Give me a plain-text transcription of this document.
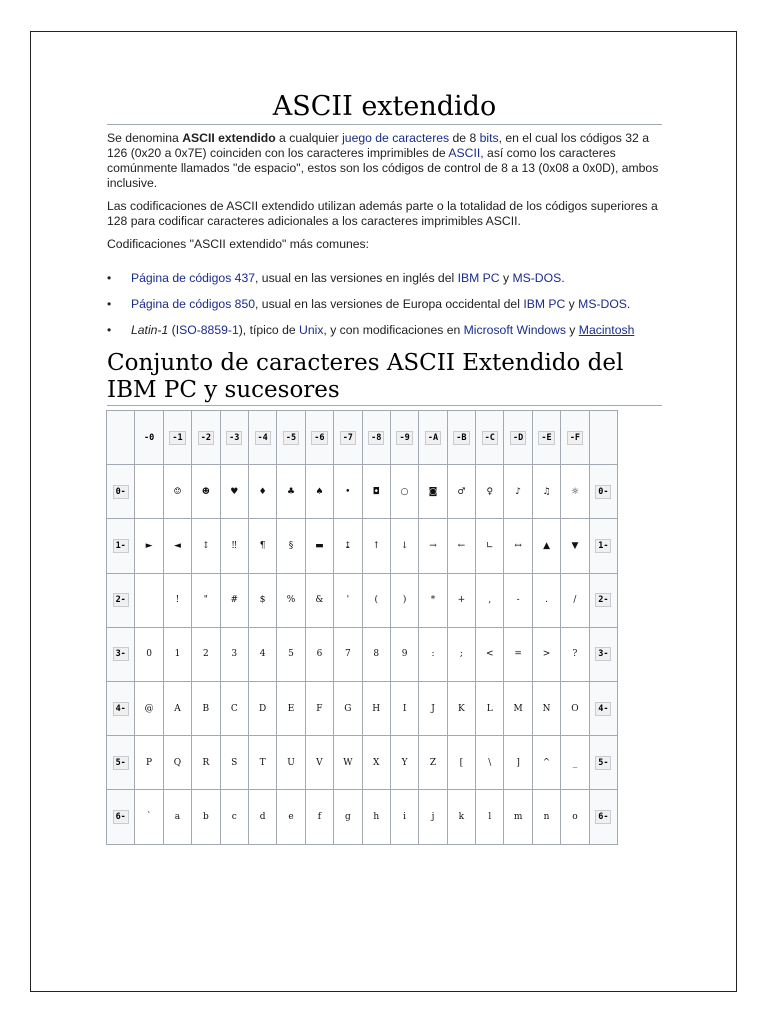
ASCII extendido

Se denomina ASCII extendido a cualquier juego de caracteres de 8 bits, en el cual los códigos 32 a 126 (0x20 a 0x7E) coinciden con los caracteres imprimibles de ASCII, así como los caracteres comúnmente llamados "de espacio", estos son los códigos de control de 8 a 13 (0x08 a 0x0D), ambos inclusive.

Las codificaciones de ASCII extendido utilizan además parte o la totalidad de los códigos superiores a 128 para codificar caracteres adicionales a los caracteres imprimibles ASCII.

Codificaciones "ASCII extendido" más comunes:

• Página de códigos 437, usual en las versiones en inglés del IBM PC y MS-DOS.
• Página de códigos 850, usual en las versiones de Europa occidental del IBM PC y MS-DOS.
• Latin-1 (ISO-8859-1), típico de Unix, y con modificaciones en Microsoft Windows y Macintosh
Conjunto de caracteres ASCII Extendido del IBM PC y sucesores
	-0	-1	-2	-3	-4	-5	-6	-7	-8	-9	-A	-B	-C	-D	-E	-F	
0-		☺	☻	♥	♦	♣	♠	•	◘	○	◙	♂	♀	♪	♫	☼	0-
1-	►	◄	↕	‼	¶	§	▬	↨	↑	↓	→	←	∟	↔	▲	▼	1-
2-		!	"	#	$	%	&	'	(	)	*	+	,	-	.	/	2-
3-	0	1	2	3	4	5	6	7	8	9	:	;	<	=	>	?	3-
4-	@	A	B	C	D	E	F	G	H	I	J	K	L	M	N	O	4-
5-	P	Q	R	S	T	U	V	W	X	Y	Z	[	\	]	^	_	5-
6-	`	a	b	c	d	e	f	g	h	i	j	k	l	m	n	o	6-
